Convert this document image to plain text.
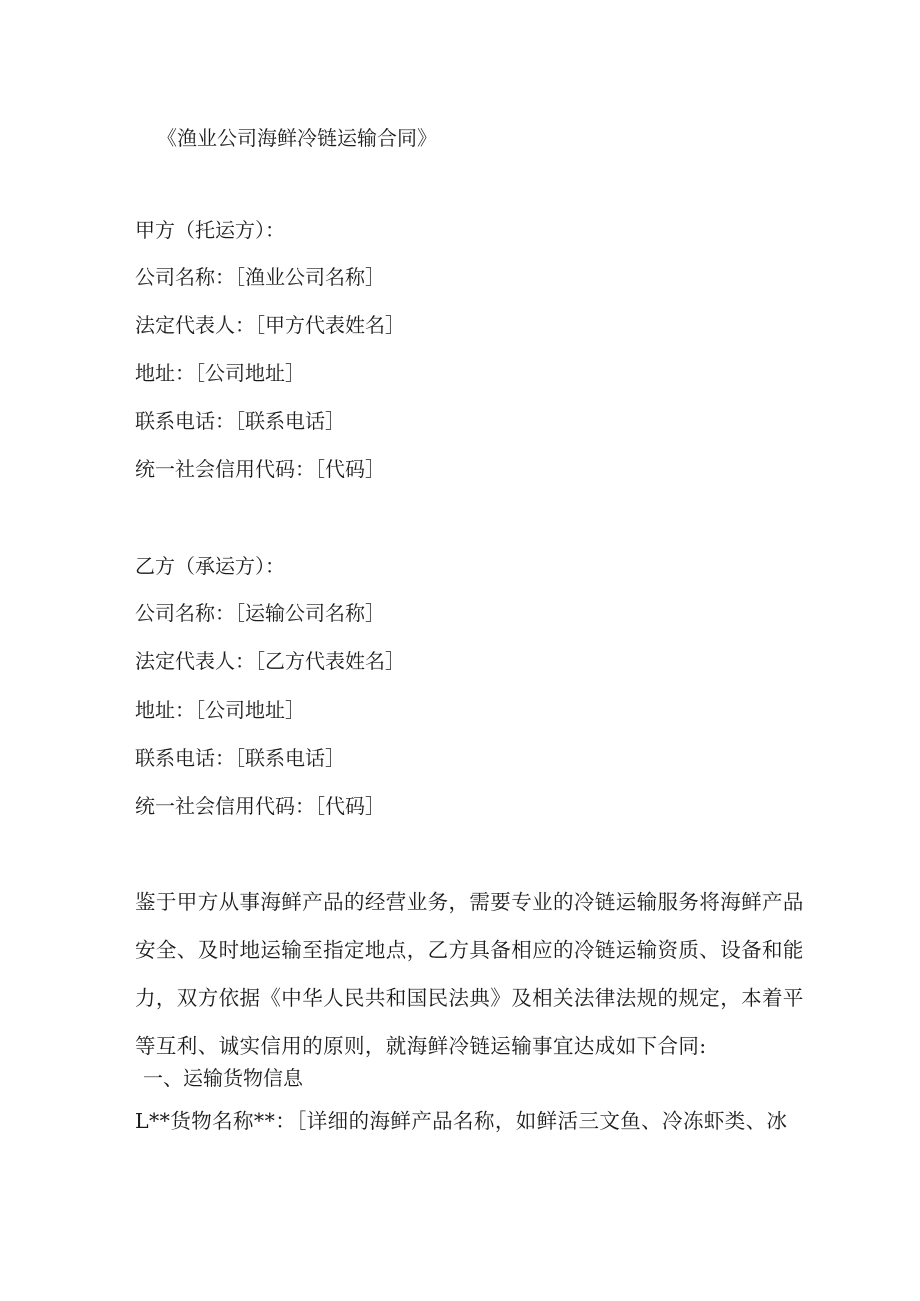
《渔业公司海鲜冷链运输合同》
甲方（托运方）：
公司名称：［渔业公司名称］
法定代表人：［甲方代表姓名］
地址：［公司地址］
联系电话：［联系电话］
统一社会信用代码：［代码］
乙方（承运方）：
公司名称：［运输公司名称］
法定代表人：［乙方代表姓名］
地址：［公司地址］
联系电话：［联系电话］
统一社会信用代码：［代码］
鉴于甲方从事海鲜产品的经营业务，需要专业的冷链运输服务将海鲜产品
安全、及时地运输至指定地点，乙方具备相应的冷链运输资质、设备和能
力，双方依据《中华人民共和国民法典》及相关法律法规的规定，本着平
等互利、诚实信用的原则，就海鲜冷链运输事宜达成如下合同:
一、运输货物信息
L**货物名称**：［详细的海鲜产品名称，如鲜活三文鱼、冷冻虾类、冰
